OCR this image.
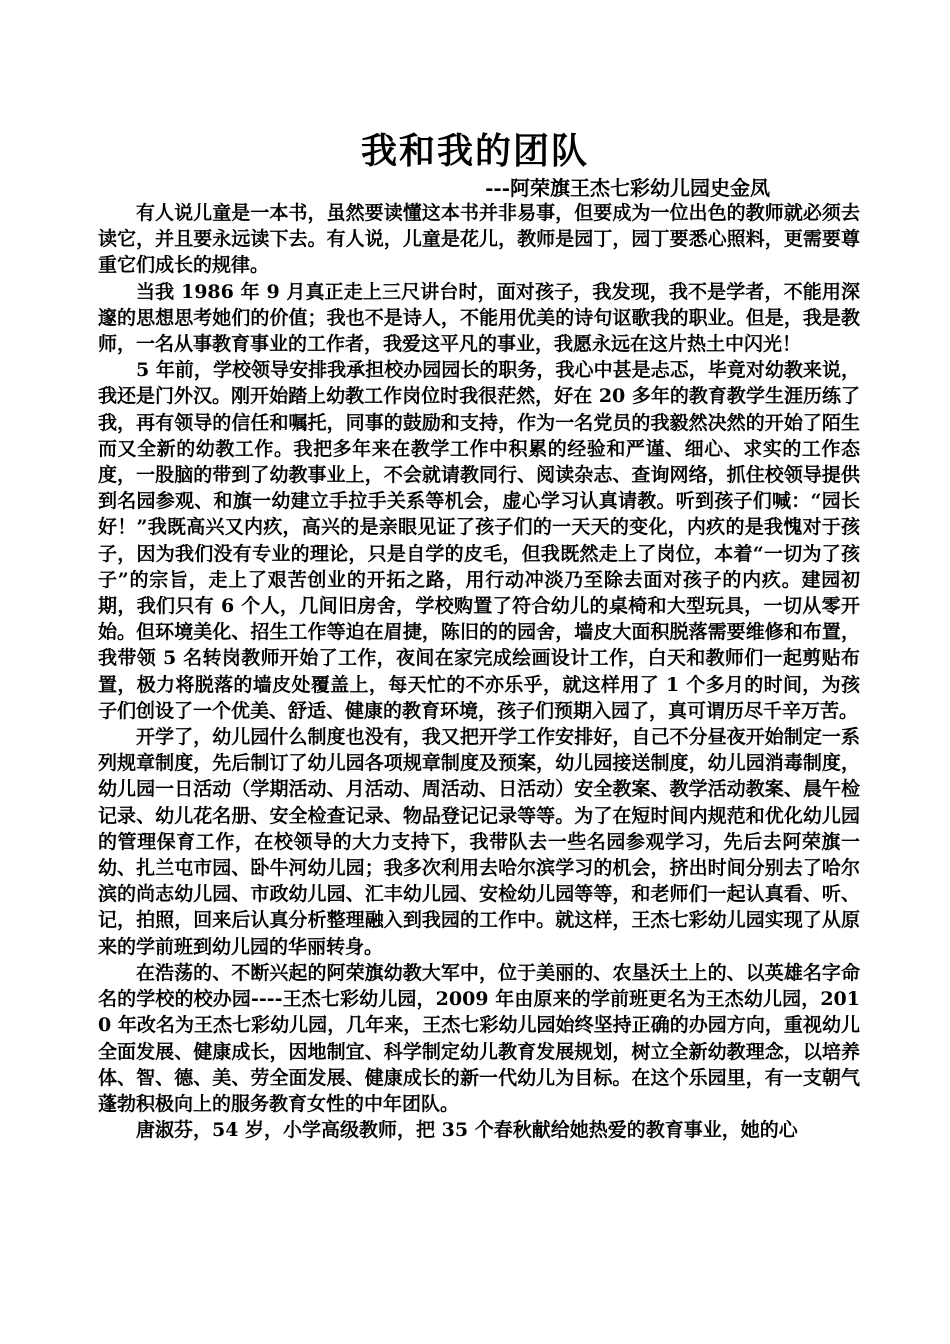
我和我的团队

---阿荣旗王杰七彩幼儿园史金凤

有人说儿童是一本书，虽然要读懂这本书并非易事，但要成为一位出色的教师就必须去读它，并且要永远读下去。有人说，儿童是花儿，教师是园丁，园丁要悉心照料，更需要尊重它们成长的规律。

当我 1986 年 9 月真正走上三尺讲台时，面对孩子，我发现，我不是学者，不能用深邃的思想思考她们的价值；我也不是诗人，不能用优美的诗句讴歌我的职业。但是，我是教师，一名从事教育事业的工作者，我爱这平凡的事业，我愿永远在这片热土中闪光！

5 年前，学校领导安排我承担校办园园长的职务，我心中甚是忐忑，毕竟对幼教来说，我还是门外汉。刚开始踏上幼教工作岗位时我很茫然，好在 20 多年的教育教学生涯历练了我，再有领导的信任和嘱托，同事的鼓励和支持，作为一名党员的我毅然决然的开始了陌生而又全新的幼教工作。我把多年来在教学工作中积累的经验和严谨、细心、求实的工作态度，一股脑的带到了幼教事业上，不会就请教同行、阅读杂志、查询网络，抓住校领导提供到名园参观、和旗一幼建立手拉手关系等机会，虚心学习认真请教。听到孩子们喊：“园长好！”我既高兴又内疚，高兴的是亲眼见证了孩子们的一天天的变化，内疚的是我愧对于孩子，因为我们没有专业的理论，只是自学的皮毛，但我既然走上了岗位，本着“一切为了孩子”的宗旨，走上了艰苦创业的开拓之路，用行动冲淡乃至除去面对孩子的内疚。建园初期，我们只有 6 个人，几间旧房舍，学校购置了符合幼儿的桌椅和大型玩具，一切从零开始。但环境美化、招生工作等迫在眉捷，陈旧的的园舍，墙皮大面积脱落需要维修和布置，我带领 5 名转岗教师开始了工作，夜间在家完成绘画设计工作，白天和教师们一起剪贴布置，极力将脱落的墙皮处覆盖上，每天忙的不亦乐乎，就这样用了 1 个多月的时间，为孩子们创设了一个优美、舒适、健康的教育环境，孩子们预期入园了，真可谓历尽千辛万苦。

开学了，幼儿园什么制度也没有，我又把开学工作安排好，自己不分昼夜开始制定一系列规章制度，先后制订了幼儿园各项规章制度及预案，幼儿园接送制度，幼儿园消毒制度，幼儿园一日活动（学期活动、月活动、周活动、日活动）安全教案、教学活动教案、晨午检记录、幼儿花名册、安全检查记录、物品登记记录等等。为了在短时间内规范和优化幼儿园的管理保育工作，在校领导的大力支持下，我带队去一些名园参观学习，先后去阿荣旗一幼、扎兰屯市园、卧牛河幼儿园；我多次利用去哈尔滨学习的机会，挤出时间分别去了哈尔滨的尚志幼儿园、市政幼儿园、汇丰幼儿园、安检幼儿园等等，和老师们一起认真看、听、记，拍照，回来后认真分析整理融入到我园的工作中。就这样，王杰七彩幼儿园实现了从原来的学前班到幼儿园的华丽转身。

在浩荡的、不断兴起的阿荣旗幼教大军中，位于美丽的、农垦沃土上的、以英雄名字命名的学校的校办园----王杰七彩幼儿园，2009 年由原来的学前班更名为王杰幼儿园，2010 年改名为王杰七彩幼儿园，几年来，王杰七彩幼儿园始终坚持正确的办园方向，重视幼儿全面发展、健康成长，因地制宜、科学制定幼儿教育发展规划，树立全新幼教理念，以培养体、智、德、美、劳全面发展、健康成长的新一代幼儿为目标。在这个乐园里，有一支朝气蓬勃积极向上的服务教育女性的中年团队。

唐淑芬，54 岁，小学高级教师，把 35 个春秋献给她热爱的教育事业，她的心
